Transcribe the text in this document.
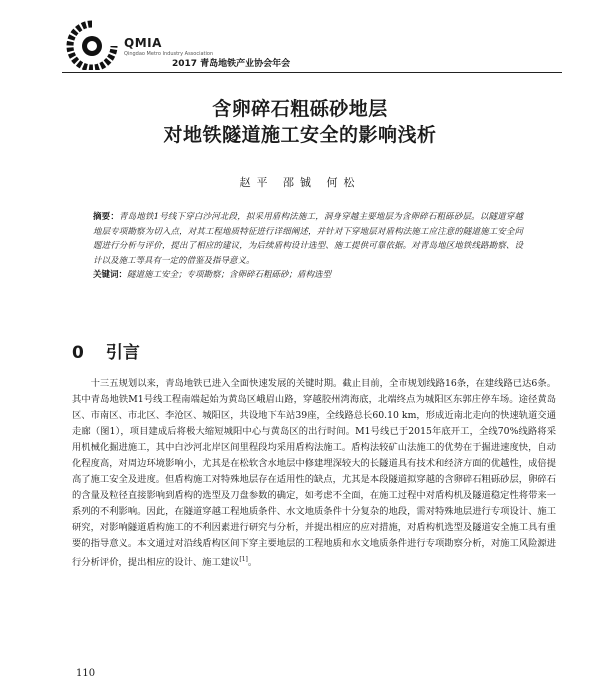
QMIA
Qingdao Metro Industry Association
2017 青岛地铁产业协会年会
含卵碎石粗砾砂地层
对地铁隧道施工安全的影响浅析
赵平 邵铖 何松
摘要：青岛地铁1号线下穿白沙河北段，拟采用盾构法施工，洞身穿越主要地层为含卵碎石粗砾砂层。以隧道穿越地层专项勘察为切入点，对其工程地质特征进行详细阐述，并针对下穿地层对盾构法施工应注意的隧道施工安全问题进行分析与评价，提出了相应的建议，为后续盾构设计选型、施工提供可靠依据。对青岛地区地铁线路勘察、设计以及施工等具有一定的借鉴及指导意义。
关键词：隧道施工安全；专项勘察；含卵碎石粗砾砂；盾构选型
0 引言

十三五规划以来，青岛地铁已进入全面快速发展的关键时期。截止目前，全市规划线路16条，在建线路已达6条。其中青岛地铁M1号线工程南端起始为黄岛区峨眉山路，穿越胶州湾海底，北端终点为城阳区东郭庄停车场。途径黄岛区、市南区、市北区、李沧区、城阳区，共设地下车站39座，全线路总长60.10 km，形成近南北走向的快速轨道交通走廊（图1），项目建成后将极大缩短城阳中心与黄岛区的出行时间。M1号线已于2015年底开工，全线70%线路将采用机械化掘进施工，其中白沙河北岸区间里程段均采用盾构法施工。盾构法较矿山法施工的优势在于掘进速度快，自动化程度高，对周边环境影响小，尤其是在松软含水地层中修建埋深较大的长隧道具有技术和经济方面的优越性，成倍提高了施工安全及进度。但盾构施工对特殊地层存在适用性的缺点，尤其是本段隧道拟穿越的含卵碎石粗砾砂层，卵碎石的含量及粒径直接影响到盾构的选型及刀盘参数的确定，如考虑不全面，在施工过程中对盾构机及隧道稳定性将带来一系列的不利影响。因此，在隧道穿越工程地质条件、水文地质条件十分复杂的地段，需对特殊地层进行专项设计、施工研究，对影响隧道盾构施工的不利因素进行研究与分析，并提出相应的应对措施，对盾构机选型及隧道安全施工具有重要的指导意义。本文通过对沿线盾构区间下穿主要地层的工程地质和水文地质条件进行专项勘察分析，对施工风险源进行分析评价，提出相应的设计、施工建议[1]。

110
